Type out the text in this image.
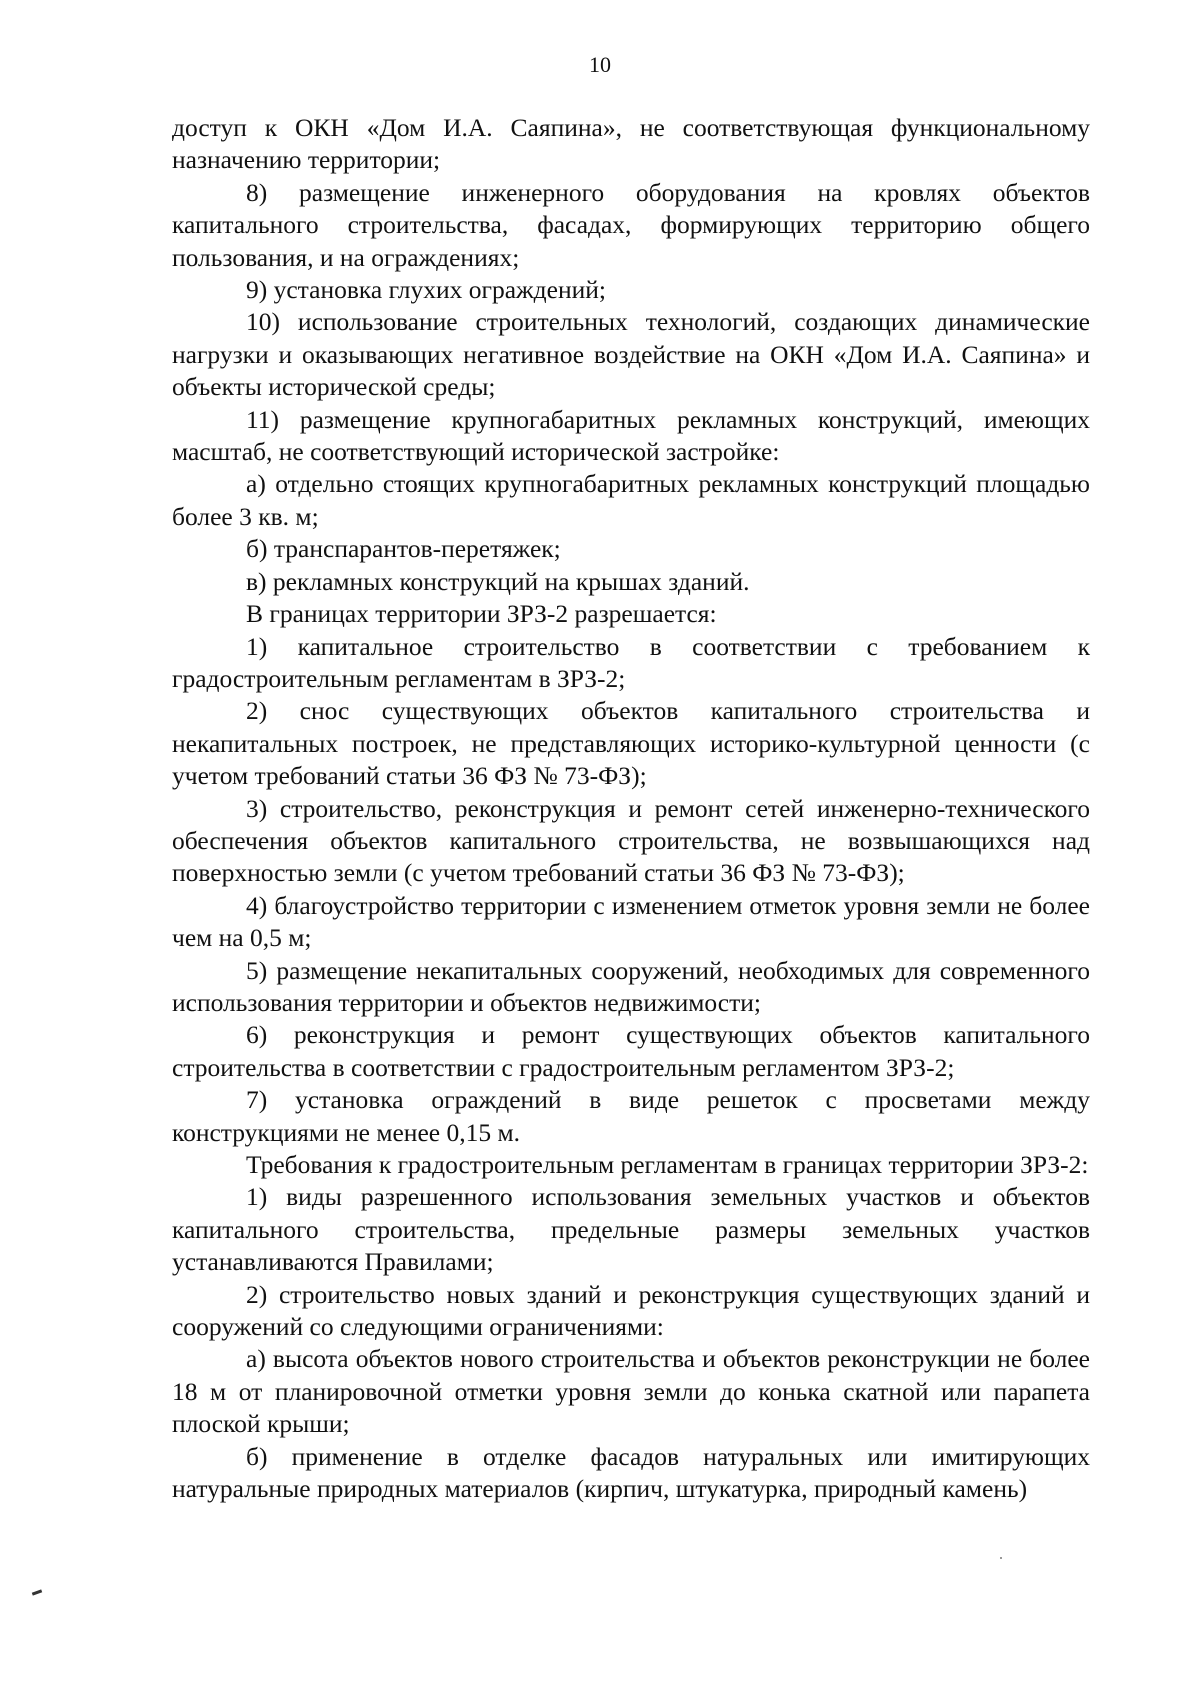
10

доступ к ОКН «Дом И.А. Саяпина», не соответствующая функциональному назначению территории;

8) размещение инженерного оборудования на кровлях объектов капитального строительства, фасадах, формирующих территорию общего пользования, и на ограждениях;

9) установка глухих ограждений;

10) использование строительных технологий, создающих динамические нагрузки и оказывающих негативное воздействие на ОКН «Дом И.А. Саяпина» и объекты исторической среды;

11) размещение крупногабаритных рекламных конструкций, имеющих масштаб, не соответствующий исторической застройке:

а) отдельно стоящих крупногабаритных рекламных конструкций площадью более 3 кв. м;

б) транспарантов-перетяжек;

в) рекламных конструкций на крышах зданий.

В границах территории ЗРЗ-2 разрешается:

1) капитальное строительство в соответствии с требованием к градостроительным регламентам в ЗРЗ-2;

2) снос существующих объектов капитального строительства и некапитальных построек, не представляющих историко-культурной ценности (с учетом требований статьи 36 ФЗ № 73-ФЗ);

3) строительство, реконструкция и ремонт сетей инженерно-технического обеспечения объектов капитального строительства, не возвышающихся над поверхностью земли (с учетом требований статьи 36 ФЗ № 73-ФЗ);

4) благоустройство территории с изменением отметок уровня земли не более чем на 0,5 м;

5) размещение некапитальных сооружений, необходимых для современного использования территории и объектов недвижимости;

6) реконструкция и ремонт существующих объектов капитального строительства в соответствии с градостроительным регламентом ЗРЗ-2;

7) установка ограждений в виде решеток с просветами между конструкциями не менее 0,15 м.

Требования к градостроительным регламентам в границах территории ЗРЗ-2:

1) виды разрешенного использования земельных участков и объектов капитального строительства, предельные размеры земельных участков устанавливаются Правилами;

2) строительство новых зданий и реконструкция существующих зданий и сооружений со следующими ограничениями:

а) высота объектов нового строительства и объектов реконструкции не более 18 м от планировочной отметки уровня земли до конька скатной или парапета плоской крыши;

б) применение в отделке фасадов натуральных или имитирующих натуральные природных материалов (кирпич, штукатурка, природный камень)
